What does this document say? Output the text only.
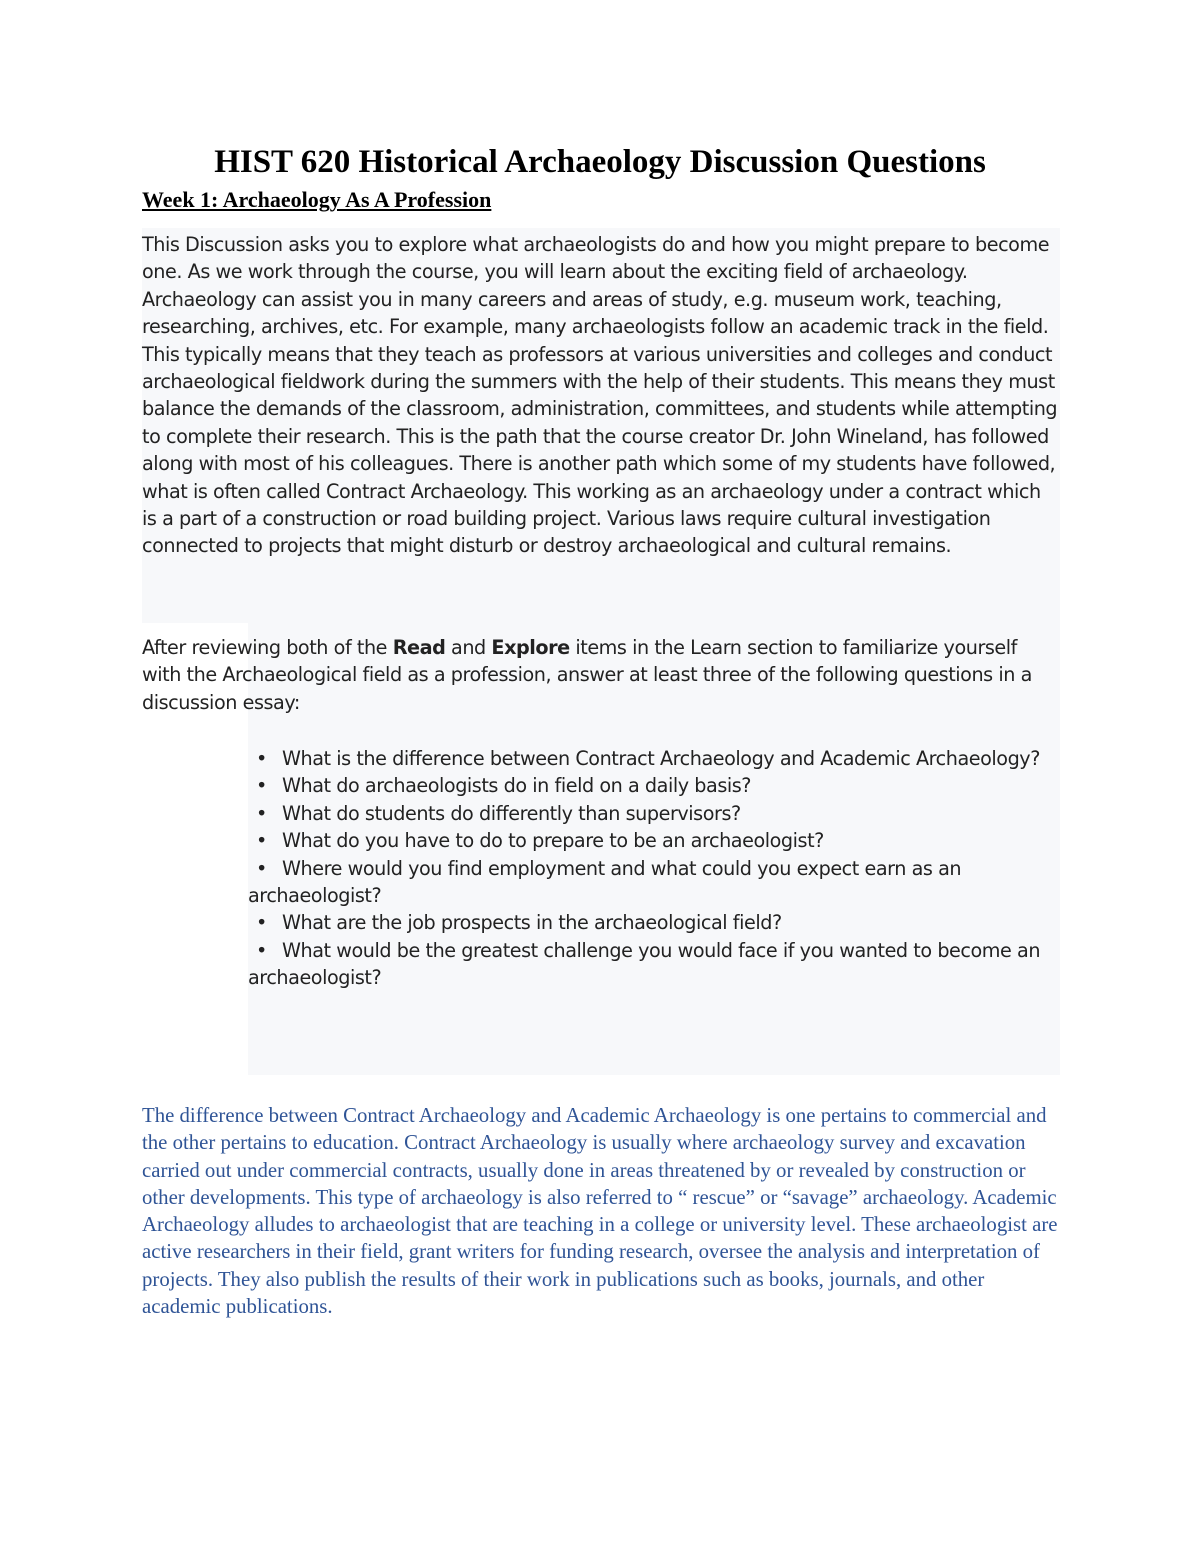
HIST 620 Historical Archaeology Discussion Questions
Week 1: Archaeology As A Profession

This Discussion asks you to explore what archaeologists do and how you might prepare to become one. As we work through the course, you will learn about the exciting field of archaeology. Archaeology can assist you in many careers and areas of study, e.g. museum work, teaching, researching, archives, etc. For example, many archaeologists follow an academic track in the field. This typically means that they teach as professors at various universities and colleges and conduct archaeological fieldwork during the summers with the help of their students. This means they must balance the demands of the classroom, administration, committees, and students while attempting to complete their research. This is the path that the course creator Dr. John Wineland, has followed along with most of his colleagues. There is another path which some of my students have followed, what is often called Contract Archaeology. This working as an archaeology under a contract which is a part of a construction or road building project. Various laws require cultural investigation connected to projects that might disturb or destroy archaeological and cultural remains.

After reviewing both of the Read and Explore items in the Learn section to familiarize yourself with the Archaeological field as a profession, answer at least three of the following questions in a discussion essay:

• What is the difference between Contract Archaeology and Academic Archaeology?
• What do archaeologists do in field on a daily basis?
• What do students do differently than supervisors?
• What do you have to do to prepare to be an archaeologist?
• Where would you find employment and what could you expect earn as an archaeologist?
• What are the job prospects in the archaeological field?
• What would be the greatest challenge you would face if you wanted to become an archaeologist?

The difference between Contract Archaeology and Academic Archaeology is one pertains to commercial and the other pertains to education. Contract Archaeology is usually where archaeology survey and excavation carried out under commercial contracts, usually done in areas threatened by or revealed by construction or other developments. This type of archaeology is also referred to “ rescue” or “savage” archaeology. Academic Archaeology alludes to archaeologist that are teaching in a college or university level. These archaeologist are active researchers in their field, grant writers for funding research, oversee the analysis and interpretation of projects. They also publish the results of their work in publications such as books, journals, and other academic publications.
